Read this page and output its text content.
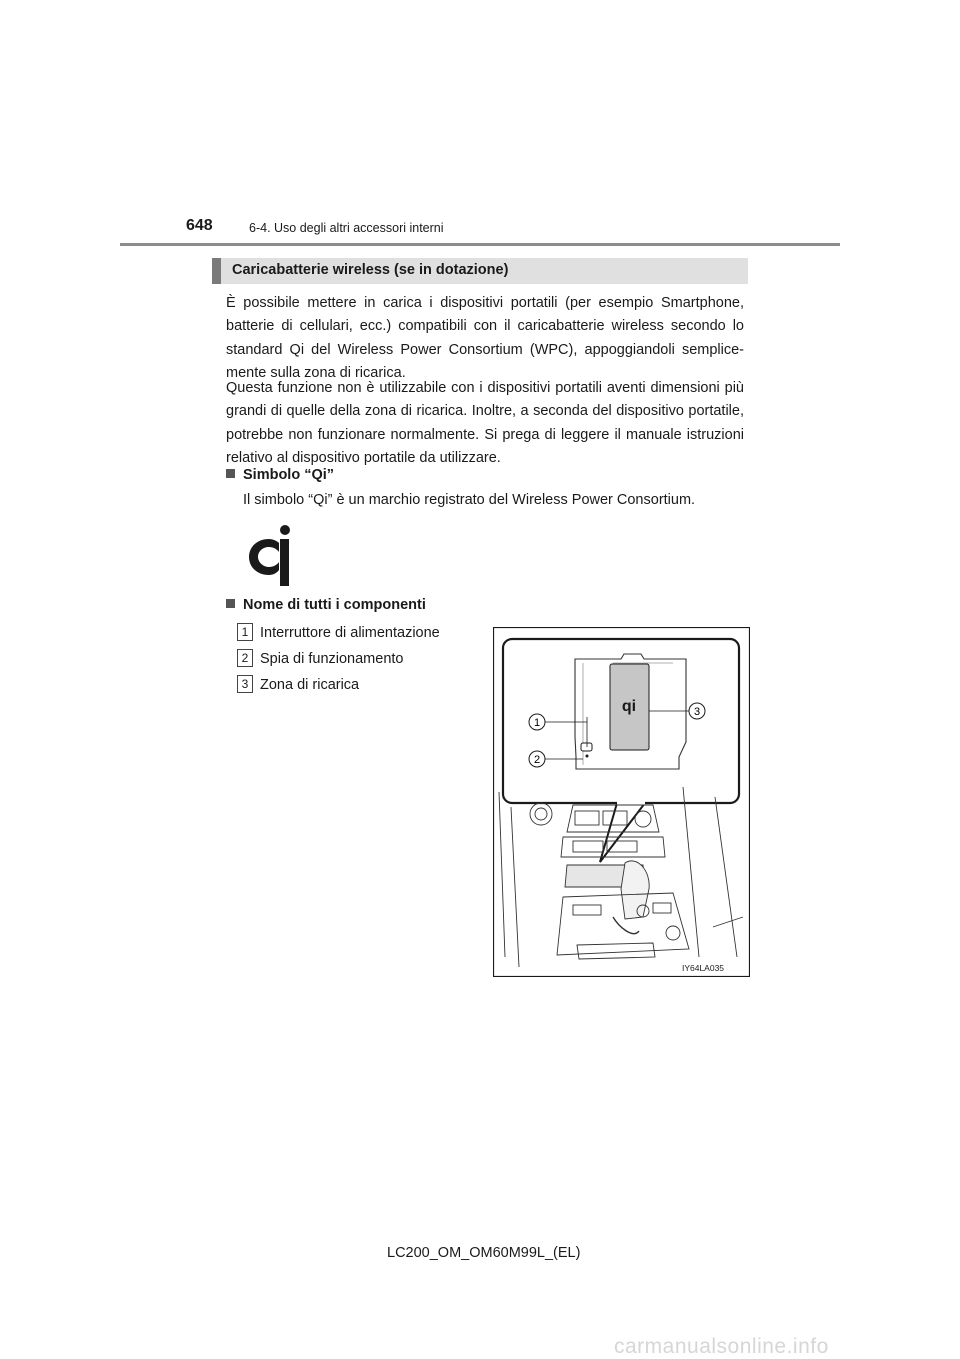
648	6-4. Uso degli altri accessori interni
Caricabatterie wireless (se in dotazione)

È possibile mettere in carica i dispositivi portatili (per esempio Smartphone, batterie di cellulari, ecc.) compatibili con il caricabatterie wireless secondo lo standard Qi del Wireless Power Consortium (WPC), appoggiandoli semplice-mente sulla zona di ricarica.

Questa funzione non è utilizzabile con i dispositivi portatili aventi dimensioni più grandi di quelle della zona di ricarica. Inoltre, a seconda del dispositivo portatile, potrebbe non funzionare normalmente. Si prega di leggere il manuale istruzioni relativo al dispositivo portatile da utilizzare.

Simbolo “Qi”
Il simbolo “Qi” è un marchio registrato del Wireless Power Consortium.
Nome di tutti i componenti
1 Interruttore di alimentazione
2 Spia di funzionamento
3 Zona di ricarica
qi
1
2
3
IY64LA035
LC200_OM_OM60M99L_(EL)
carmanualsonline.info
